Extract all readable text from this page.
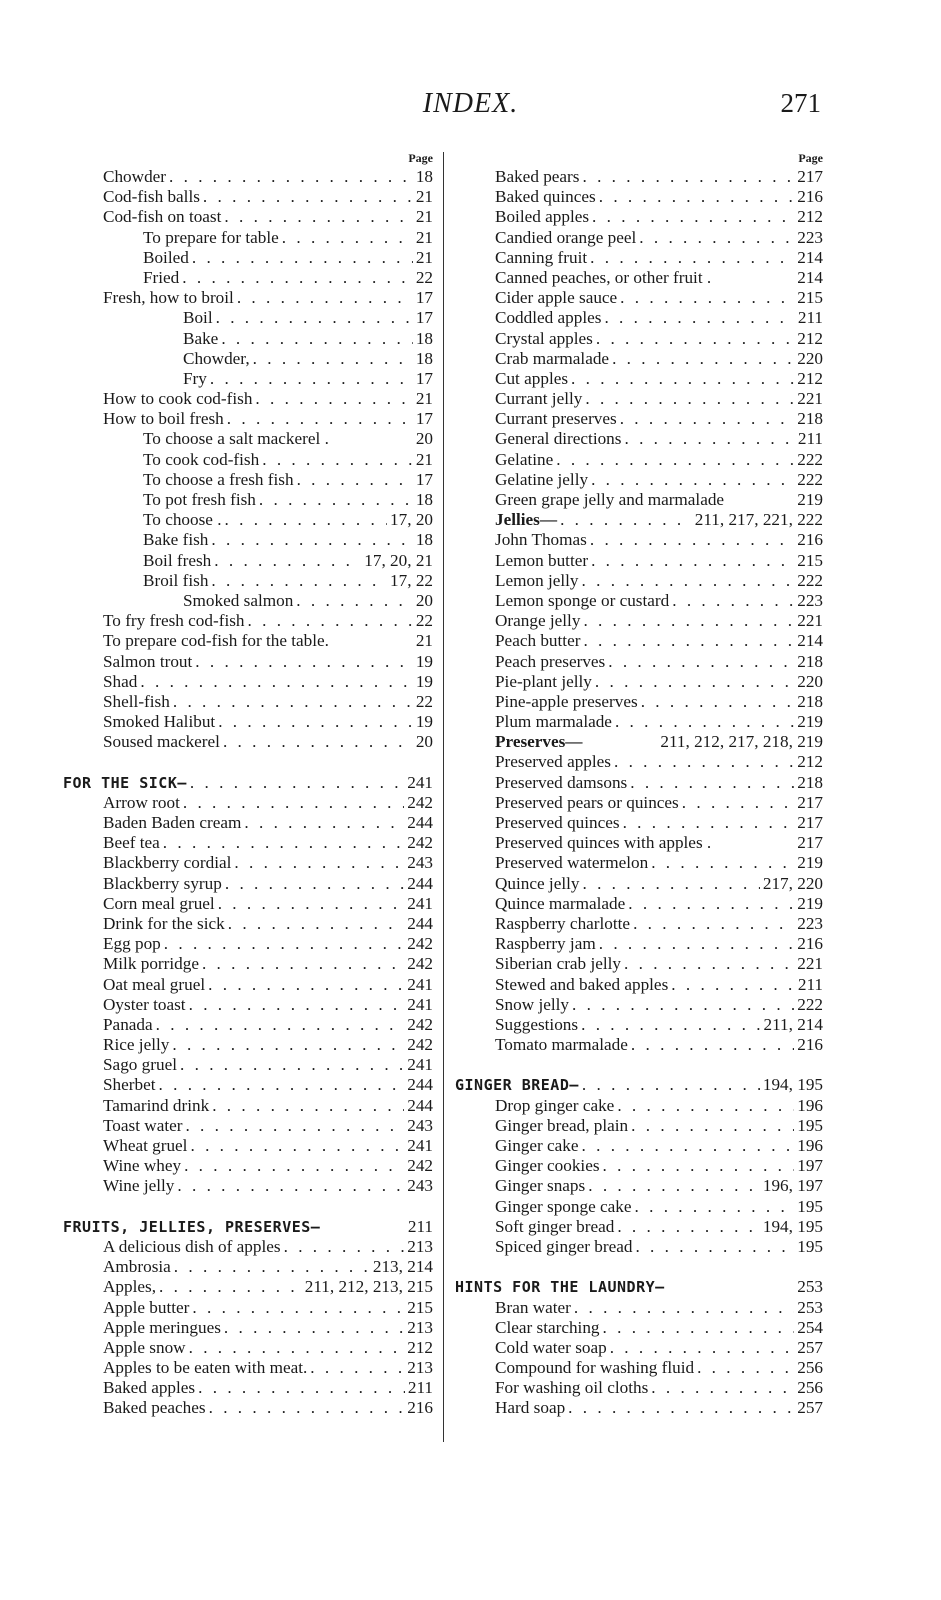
INDEX.	271
Page
Chowder . . .	18
Cod-fish balls . . .	21
Cod-fish on toast . . .	21
To prepare for table . . .	21
Boiled . . .	21
Fried . . .	22
Fresh, how to broil . . .	17
Boil . . .	17
Bake . . .	18
Chowder, . . .	18
Fry . . .	17
How to cook cod-fish . . .	21
How to boil fresh . . .	17
To choose a salt mackerel .	20
To cook cod-fish . . .	21
To choose a fresh fish . . .	17
To pot fresh fish . . .	18
To choose . . . .	17, 20
Bake fish . . .	18
Boil fresh . . .	17, 20, 21
Broil fish . . .	17, 22
Smoked salmon . . .	20
To fry fresh cod-fish . . .	22
To prepare cod-fish for the table.	21
Salmon trout . . .	19
Shad . . .	19
Shell-fish . . .	22
Smoked Halibut . . .	19
Soused mackerel . . .	20
FOR THE SICK— . . .	241
Arrow root . . .	242
Baden Baden cream . . .	244
Beef tea . . .	242
Blackberry cordial . . .	243
Blackberry syrup . . .	244
Corn meal gruel . . .	241
Drink for the sick . . .	244
Egg pop . . .	242
Milk porridge . . .	242
Oat meal gruel . . .	241
Oyster toast . . .	241
Panada . . .	242
Rice jelly . . .	242
Sago gruel . . .	241
Sherbet . . .	244
Tamarind drink . . .	244
Toast water . . .	243
Wheat gruel . . .	241
Wine whey . . .	242
Wine jelly . . .	243
FRUITS, JELLIES, PRESERVES—	211
A delicious dish of apples . . .	213
Ambrosia . . .	213, 214
Apples, . . .	211, 212, 213, 215
Apple butter . . .	215
Apple meringues . . .	213
Apple snow . . .	212
Apples to be eaten with meat. . . .	213
Baked apples . . .	211
Baked peaches . . .	216
Page
Baked pears . . .	217
Baked quinces . . .	216
Boiled apples . . .	212
Candied orange peel . . .	223
Canning fruit . . .	214
Canned peaches, or other fruit .	214
Cider apple sauce . . .	215
Coddled apples . . .	211
Crystal apples . . .	212
Crab marmalade . . .	220
Cut apples . . .	212
Currant jelly . . .	221
Currant preserves . . .	218
General directions . . .	211
Gelatine . . .	222
Gelatine jelly . . .	222
Green grape jelly and marmalade	219
Jellies— . . .	211, 217, 221, 222
John Thomas . . .	216
Lemon butter . . .	215
Lemon jelly . . .	222
Lemon sponge or custard . . .	223
Orange jelly . . .	221
Peach butter . . .	214
Peach preserves . . .	218
Pie-plant jelly . . .	220
Pine-apple preserves . . .	218
Plum marmalade . . .	219
Preserves—	211, 212, 217, 218, 219
Preserved apples . . .	212
Preserved damsons . . .	218
Preserved pears or quinces . . .	217
Preserved quinces . . .	217
Preserved quinces with apples .	217
Preserved watermelon . . .	219
Quince jelly . . .	217, 220
Quince marmalade . . .	219
Raspberry charlotte . . .	223
Raspberry jam . . .	216
Siberian crab jelly . . .	221
Stewed and baked apples . . .	211
Snow jelly . . .	222
Suggestions . . .	211, 214
Tomato marmalade . . .	216
GINGER BREAD— . . .	194, 195
Drop ginger cake . . .	196
Ginger bread, plain . . .	195
Ginger cake . . .	196
Ginger cookies . . .	197
Ginger snaps . . .	196, 197
Ginger sponge cake . . .	195
Soft ginger bread . . .	194, 195
Spiced ginger bread . . .	195
HINTS FOR THE LAUNDRY—	253
Bran water . . .	253
Clear starching . . .	254
Cold water soap . . .	257
Compound for washing fluid . . .	256
For washing oil cloths . . .	256
Hard soap . . .	257
